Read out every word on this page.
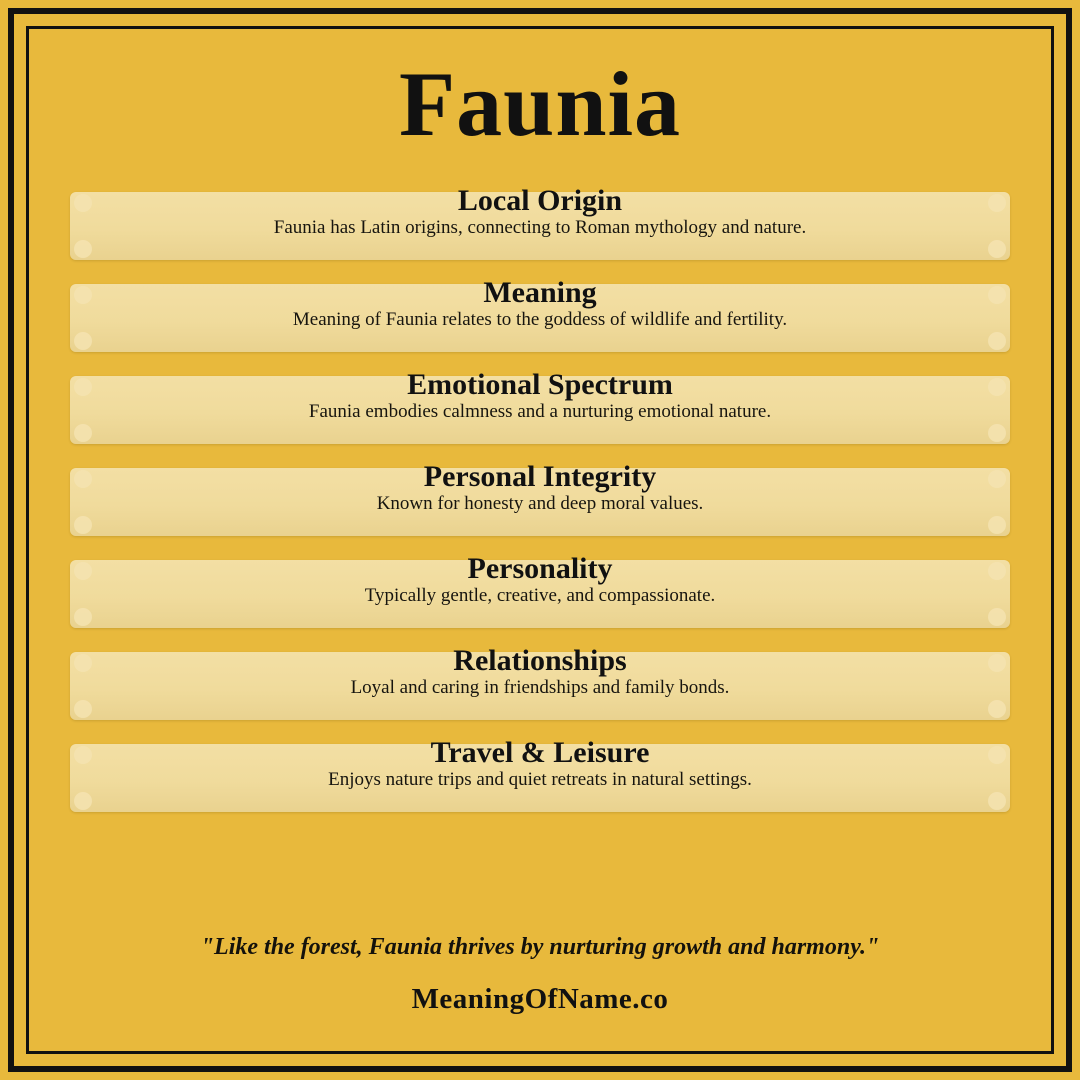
Faunia
Local Origin
Faunia has Latin origins, connecting to Roman mythology and nature.
Meaning
Meaning of Faunia relates to the goddess of wildlife and fertility.
Emotional Spectrum
Faunia embodies calmness and a nurturing emotional nature.
Personal Integrity
Known for honesty and deep moral values.
Personality
Typically gentle, creative, and compassionate.
Relationships
Loyal and caring in friendships and family bonds.
Travel & Leisure
Enjoys nature trips and quiet retreats in natural settings.
"Like the forest, Faunia thrives by nurturing growth and harmony."
MeaningOfName.co
